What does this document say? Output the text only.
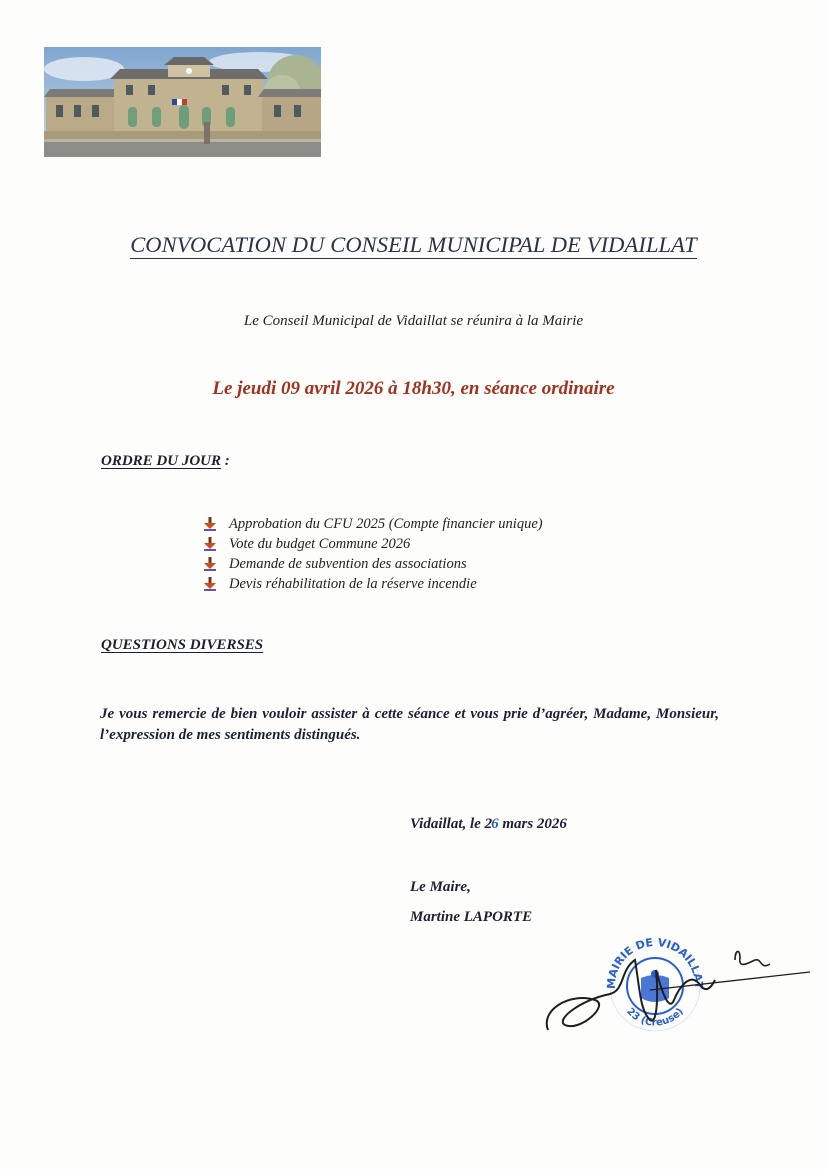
CONVOCATION DU CONSEIL MUNICIPAL DE VIDAILLAT
Le Conseil Municipal de Vidaillat se réunira à la Mairie
Le jeudi 09 avril 2026 à 18h30, en séance ordinaire
ORDRE DU JOUR :
Approbation du CFU 2025 (Compte financier unique)
Vote du budget Commune 2026
Demande de subvention des associations
Devis réhabilitation de la réserve incendie
QUESTIONS DIVERSES
Je vous remercie de bien vouloir assister à cette séance et vous prie d’agréer, Madame, Monsieur, l’expression de mes sentiments distingués.
Vidaillat, le 26 mars 2026
Le Maire,
Martine LAPORTE
MAIRIE DE VIDAILLAT
23 (Creuse)
